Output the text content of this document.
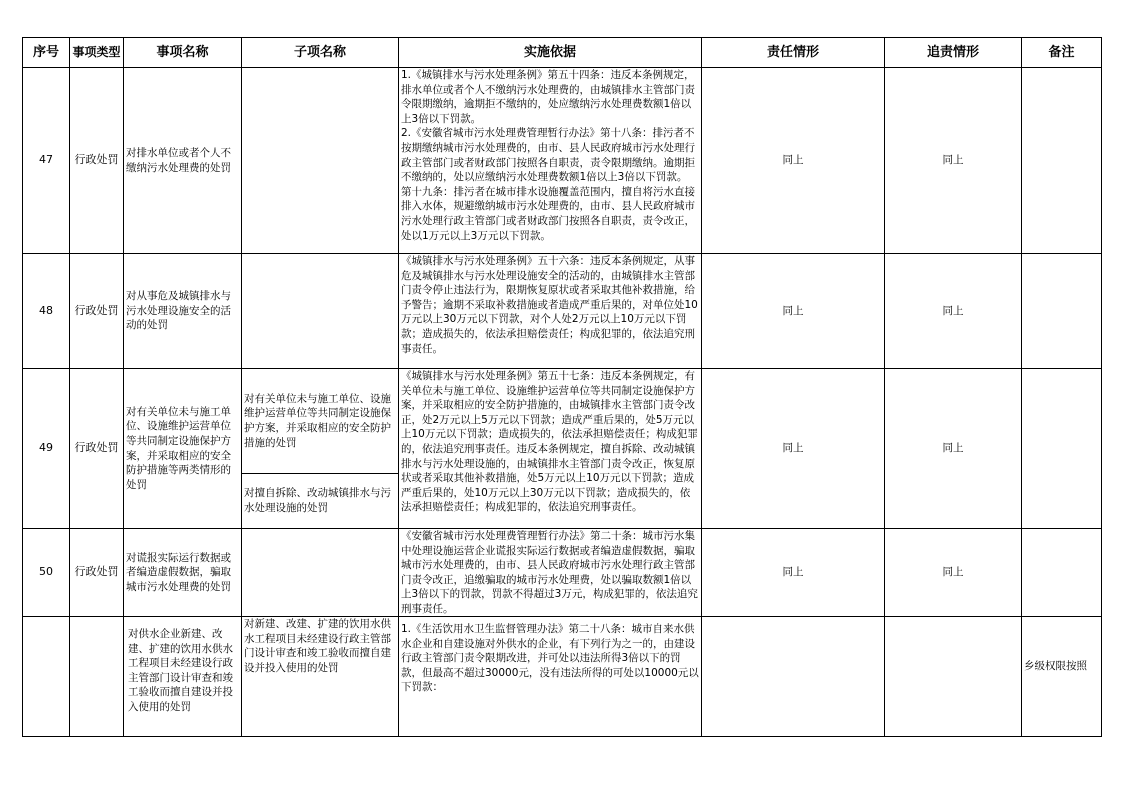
序号	事项类型	事项名称	子项名称	实施依据	责任情形	追责情形	备注
47	行政处罚	对排水单位或者个人不缴纳污水处理费的处罚		1.《城镇排水与污水处理条例》第五十四条：违反本条例规定，排水单位或者个人不缴纳污水处理费的，由城镇排水主管部门责令限期缴纳，逾期拒不缴纳的，处应缴纳污水处理费数额1倍以上3倍以下罚款。
2.《安徽省城市污水处理费管理暂行办法》第十八条：排污者不按期缴纳城市污水处理费的，由市、县人民政府城市污水处理行政主管部门或者财政部门按照各自职责，责令限期缴纳。逾期拒不缴纳的，处以应缴纳污水处理费数额1倍以上3倍以下罚款。
第十九条：排污者在城市排水设施覆盖范围内，擅自将污水直接排入水体，规避缴纳城市污水处理费的，由市、县人民政府城市污水处理行政主管部门或者财政部门按照各自职责，责令改正，处以1万元以上3万元以下罚款。	同上	同上	
48	行政处罚	对从事危及城镇排水与污水处理设施安全的活动的处罚		《城镇排水与污水处理条例》五十六条：违反本条例规定，从事危及城镇排水与污水处理设施安全的活动的，由城镇排水主管部门责令停止违法行为，限期恢复原状或者采取其他补救措施，给予警告；逾期不采取补救措施或者造成严重后果的，对单位处10万元以上30万元以下罚款，对个人处2万元以上10万元以下罚款；造成损失的，依法承担赔偿责任；构成犯罪的，依法追究刑事责任。	同上	同上	
49	行政处罚	对有关单位未与施工单位、设施维护运营单位等共同制定设施保护方案，并采取相应的安全防护措施等两类情形的处罚	对有关单位未与施工单位、设施维护运营单位等共同制定设施保护方案，并采取相应的安全防护措施的处罚
对擅自拆除、改动城镇排水与污水处理设施的处罚	《城镇排水与污水处理条例》第五十七条：违反本条例规定，有关单位未与施工单位、设施维护运营单位等共同制定设施保护方案，并采取相应的安全防护措施的，由城镇排水主管部门责令改正，处2万元以上5万元以下罚款；造成严重后果的，处5万元以上10万元以下罚款；造成损失的，依法承担赔偿责任；构成犯罪的，依法追究刑事责任。违反本条例规定，擅自拆除、改动城镇排水与污水处理设施的，由城镇排水主管部门责令改正，恢复原状或者采取其他补救措施，处5万元以上10万元以下罚款；造成严重后果的，处10万元以上30万元以下罚款；造成损失的，依法承担赔偿责任；构成犯罪的，依法追究刑事责任。	同上	同上	
50	行政处罚	对谎报实际运行数据或者编造虚假数据，骗取城市污水处理费的处罚		《安徽省城市污水处理费管理暂行办法》第二十条：城市污水集中处理设施运营企业谎报实际运行数据或者编造虚假数据，骗取城市污水处理费的，由市、县人民政府城市污水处理行政主管部门责令改正，追缴骗取的城市污水处理费，处以骗取数额1倍以上3倍以下的罚款，罚款不得超过3万元，构成犯罪的，依法追究刑事责任。	同上	同上	

		对供水企业新建、改建、扩建的饮用水供水工程项目未经建设行政主管部门设计审查和竣工验收而擅自建设并投入使用的处罚	对新建、改建、扩建的饮用水供水工程项目未经建设行政主管部门设计审查和竣工验收而擅自建设并投入使用的处罚	1.《生活饮用水卫生监督管理办法》第二十八条：城市自来水供水企业和自建设施对外供水的企业，有下列行为之一的，由建设行政主管部门责令限期改进，并可处以违法所得3倍以下的罚款，但最高不超过30000元，没有违法所得的可处以10000元以下罚款：			乡级权限按照
